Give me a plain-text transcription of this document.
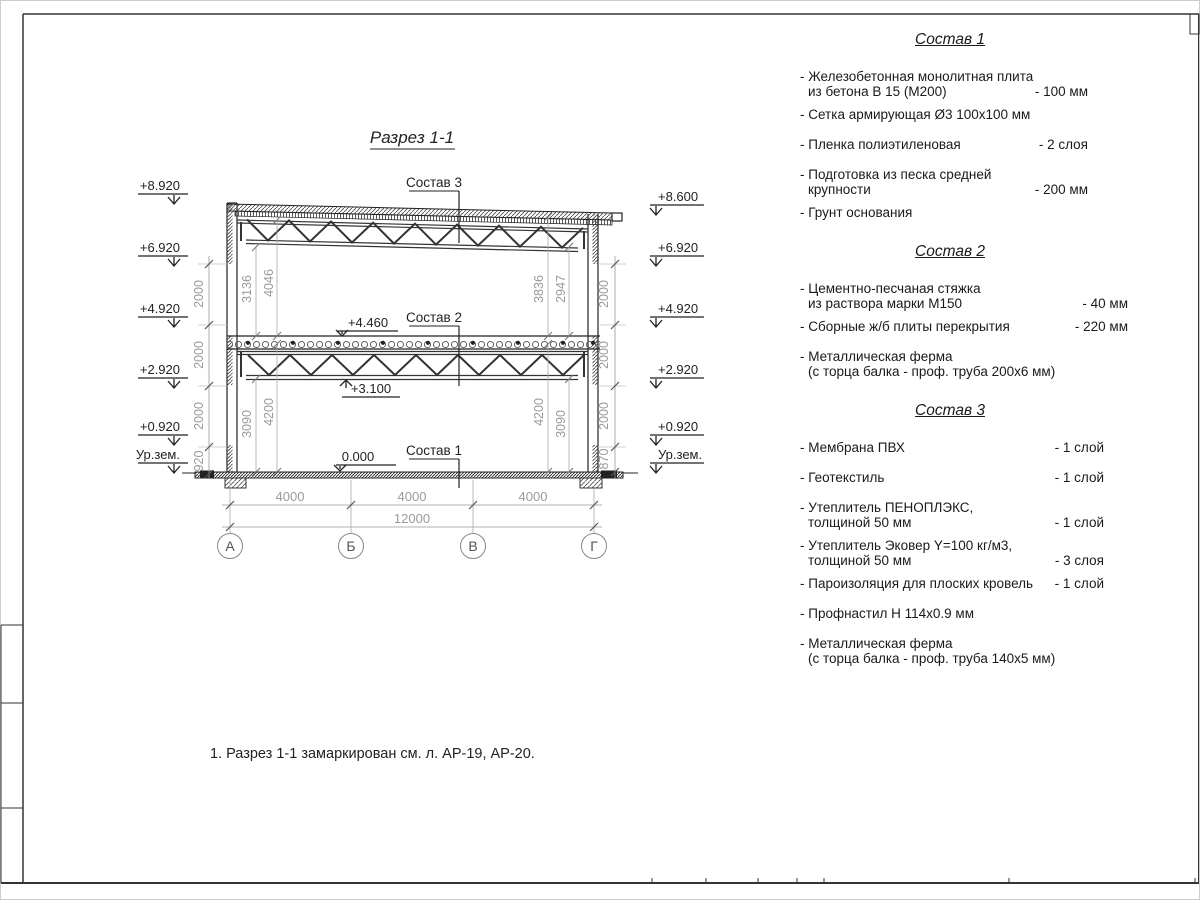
Разрез 1-1
Состав 3
Состав 2
Состав 1
+8.920
+6.920
+4.920
+2.920
+0.920
Ур.зем.
+8.600
+6.920
+4.920
+2.920
+0.920
Ур.зем.
+4.460
+3.100
0.000
2000
2000
2000
920
2000
2000
2000
870
3136 4046
3090 4200
3836 2947
4200 3090
4000	4000	4000
12000
А	Б	В	Г
Состав 1
- Железобетонная монолитная плита
из бетона В 15 (М200)	- 100 мм
- Сетка армирующая Ø3 100x100 мм
- Пленка полиэтиленовая	- 2 слоя
- Подготовка из песка средней
крупности	- 200 мм
- Грунт основания
Состав 2
- Цементно-песчаная стяжка
из раствора марки М150	- 40 мм
- Сборные ж/б плиты перекрытия	- 220 мм
- Металлическая ферма
(с торца балка - проф. труба 200x6 мм)
Состав 3
- Мембрана ПВХ	- 1 слой
- Геотекстиль	- 1 слой
- Утеплитель ПЕНОПЛЭКС,
толщиной 50 мм	- 1 слой
- Утеплитель Эковер Y=100 кг/м3,
толщиной 50 мм	- 3 слоя
- Пароизоляция для плоских кровель	- 1 слой
- Профнастил Н 114x0.9 мм
- Металлическая ферма
(с торца балка - проф. труба 140x5 мм)
1. Разрез 1-1 замаркирован см. л. АР-19, АР-20.
